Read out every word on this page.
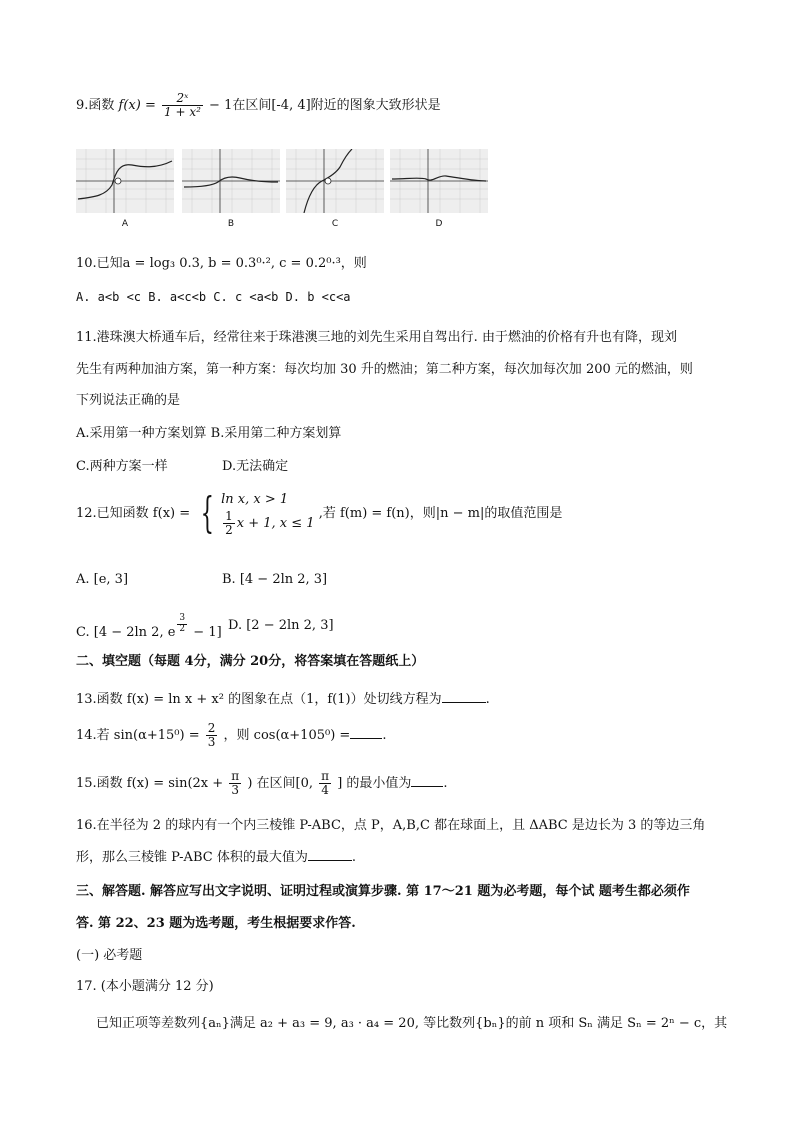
9.函数 $f(x) = \frac{\text{2ˣ}}{\text{1 + x²}} - 1$在区间[-4, 4]附近的图象大致形状是
A	B	C	D
10.已知a = log₃ 0.3, b = 0.3⁰·², c = 0.2⁰·³，则
A. a<b <c B. a<c<b C. c <a<b D. b <c<a
11.港珠澳大桥通车后，经常往来于珠港澳三地的刘先生采用自驾出行. 由于燃油的价格有升也有降，现刘
先生有两种加油方案，第一种方案：每次均加 30 升的燃油；第二种方案，每次加每次加 200 元的燃油，则
下列说法正确的是
A.采用第一种方案划算 B.采用第二种方案划算
C.两种方案一样	D.无法确定
12.已知函数 f(x) = { ln x, x > 1
$\frac{1}{2}$ x + 1, x ≤ 1
,若 f(m) = f(n)，则|n − m|的取值范围是
A. [e, 3]	B. [4 − 2ln 2, 3]
C. [4 − 2ln 2, e $\frac{3}{2} - 1$] D. [2 − 2ln 2, 3]
二、填空题（每题 4分，满分 20分，将答案填在答题纸上）
13.函数 f(x) = ln x + x² 的图象在点（1，f(1)）处切线方程为	.
14.若 $\sin(\alpha+15^0) = \frac{2}{3}$ ，则 cos(α+105⁰) = .
15.函数 $f(x) = \sin(2x + \frac{\pi}{3}$ ) 在区间[0, $\frac{\pi}{4}$ ] 的最小值为 .
16.在半径为 2 的球内有一个内三棱锥 P-ABC，点 P，A,B,C 都在球面上，且 ΔABC 是边长为 3 的等边三角
形，那么三棱锥 P-ABC 体积的最大值为	.
三、解答题. 解答应写出文字说明、证明过程或演算步骤. 第 17～21 题为必考题，每个试 题考生都必须作
答. 第 22、23 题为选考题，考生根据要求作答.
(一) 必考题
17. (本小题满分 12 分)
已知正项等差数列{aₙ}满足 a₂ + a₃ = 9, a₃ · a₄ = 20, 等比数列{bₙ}的前 n 项和 Sₙ 满足 Sₙ = 2ⁿ − c，其
